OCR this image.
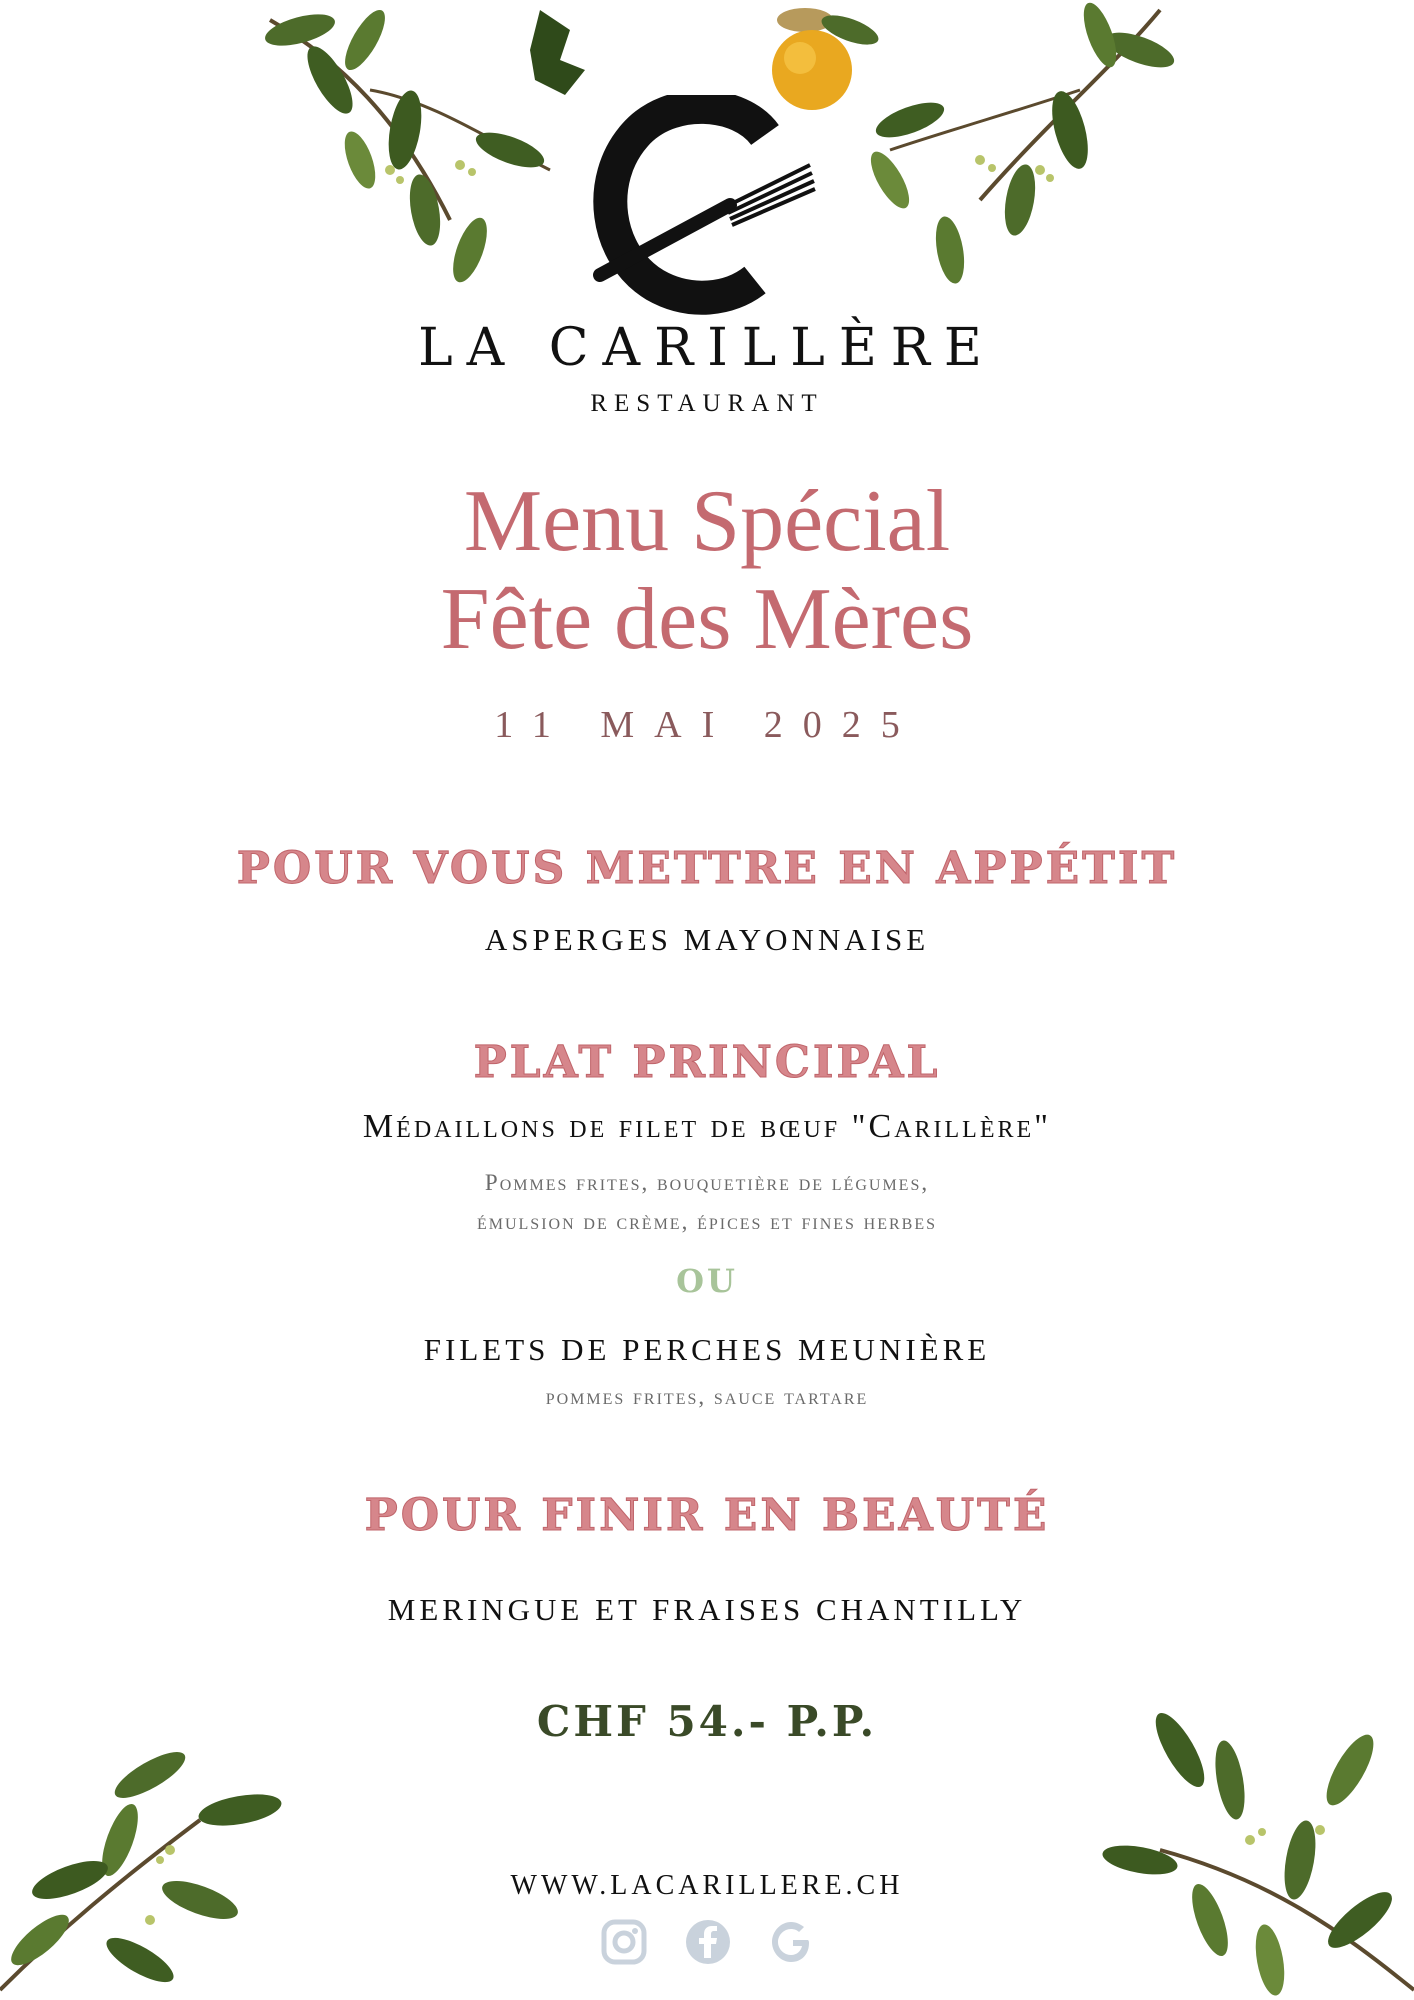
LA CARILLÈRE
RESTAURANT
Menu Spécial
Fête des Mères
11 MAI 2025
POUR VOUS METTRE EN APPÉTIT
ASPERGES MAYONNAISE
PLAT PRINCIPAL
Médaillons de filet de bœuf "Carillère"
Pommes frites, bouquetière de légumes,
émulsion de crème, épices et fines herbes
OU
FILETS DE PERCHES MEUNIÈRE
pommes frites, sauce tartare
POUR FINIR EN BEAUTÉ
MERINGUE ET FRAISES CHANTILLY
CHF 54.- P.P.
WWW.LACARILLERE.CH
